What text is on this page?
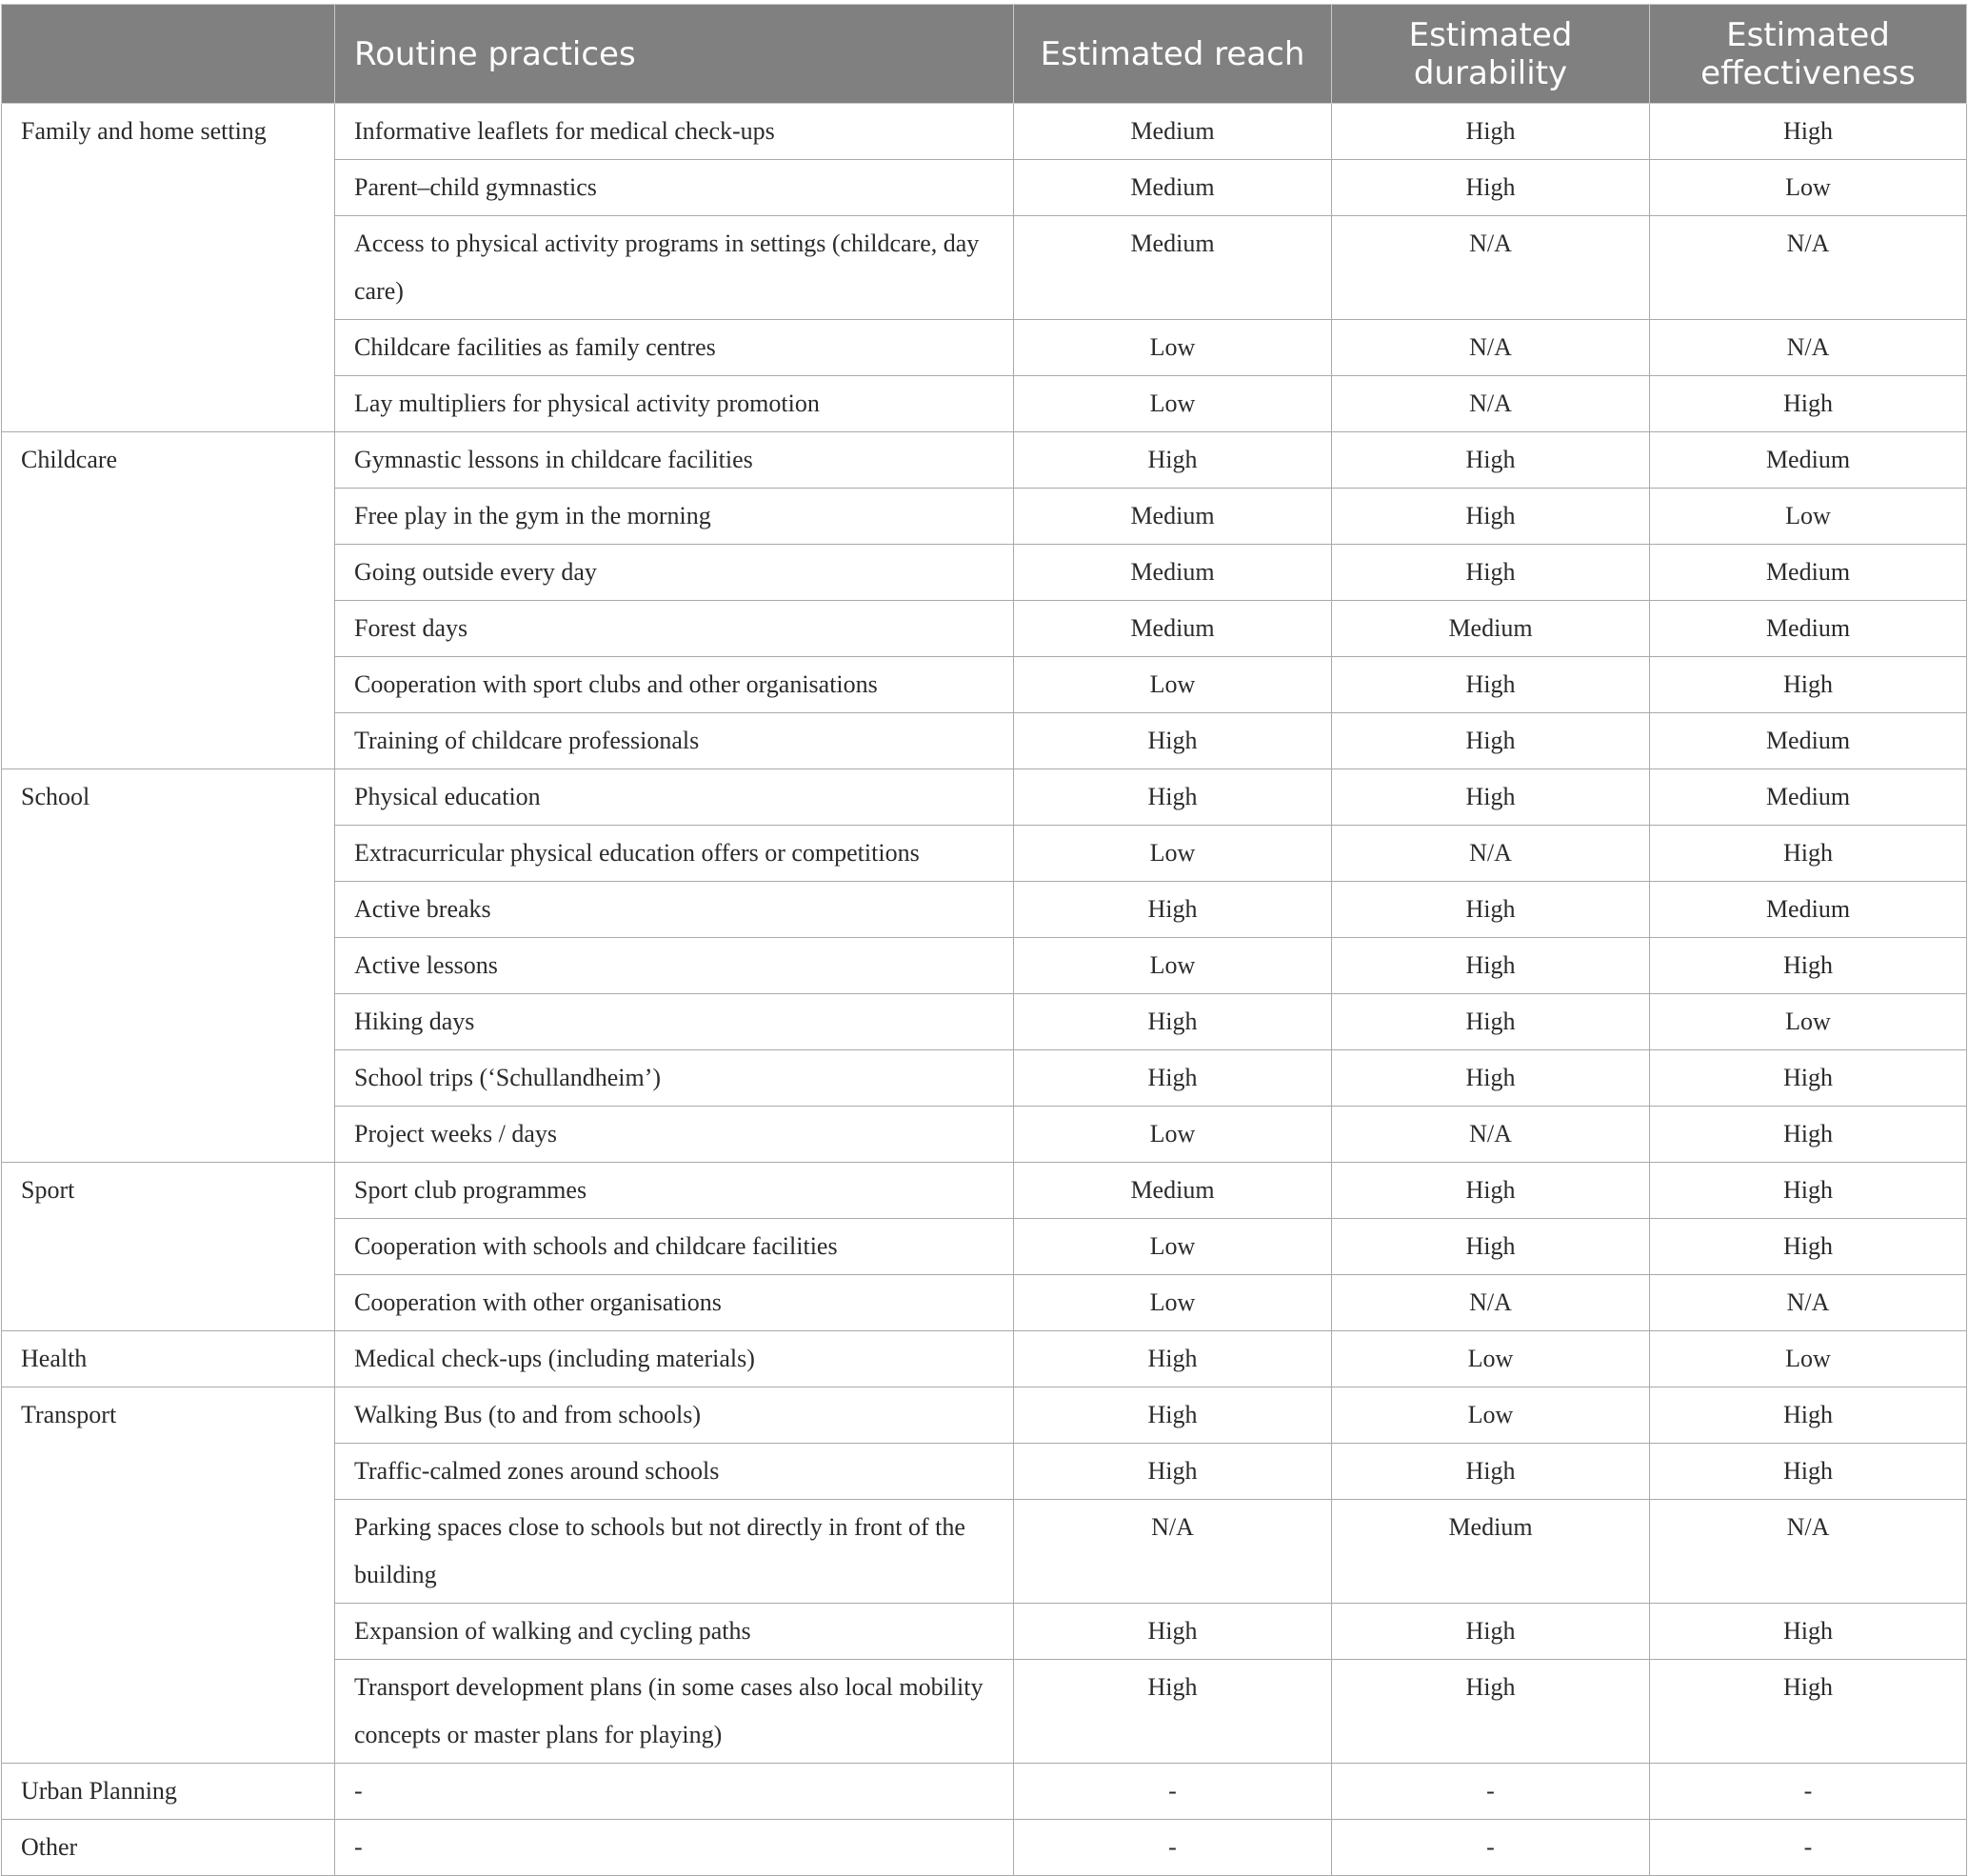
	Routine practices	Estimated reach	Estimated durability	Estimated effectiveness
Family and home setting	Informative leaflets for medical check-ups	Medium	High	High
	Parent–child gymnastics	Medium	High	Low
	Access to physical activity programs in settings (childcare, day care)	Medium	N/A	N/A
	Childcare facilities as family centres	Low	N/A	N/A
	Lay multipliers for physical activity promotion	Low	N/A	High
Childcare	Gymnastic lessons in childcare facilities	High	High	Medium
	Free play in the gym in the morning	Medium	High	Low
	Going outside every day	Medium	High	Medium
	Forest days	Medium	Medium	Medium
	Cooperation with sport clubs and other organisations	Low	High	High
	Training of childcare professionals	High	High	Medium
School	Physical education	High	High	Medium
	Extracurricular physical education offers or competitions	Low	N/A	High
	Active breaks	High	High	Medium
	Active lessons	Low	High	High
	Hiking days	High	High	Low
	School trips (‘Schullandheim’)	High	High	High
	Project weeks / days	Low	N/A	High
Sport	Sport club programmes	Medium	High	High
	Cooperation with schools and childcare facilities	Low	High	High
	Cooperation with other organisations	Low	N/A	N/A
Health	Medical check-ups (including materials)	High	Low	Low
Transport	Walking Bus (to and from schools)	High	Low	High
	Traffic-calmed zones around schools	High	High	High
	Parking spaces close to schools but not directly in front of the building	N/A	Medium	N/A
	Expansion of walking and cycling paths	High	High	High
	Transport development plans (in some cases also local mobility concepts or master plans for playing)	High	High	High
Urban Planning	-	-	-	-
Other	-	-	-	-
